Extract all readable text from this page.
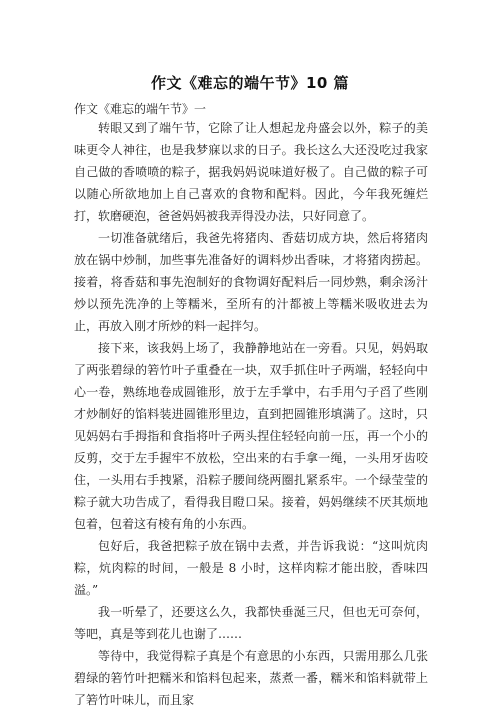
作文《难忘的端午节》10 篇
作文《难忘的端午节》一

转眼又到了端午节，它除了让人想起龙舟盛会以外，粽子的美味更令人神往，也是我梦寐以求的日子。我长这么大还没吃过我家自己做的香喷喷的粽子，据我妈妈说味道好极了。自己做的粽子可以随心所欲地加上自己喜欢的食物和配料。因此，今年我死缠烂打，软磨硬泡，爸爸妈妈被我弄得没办法，只好同意了。

一切准备就绪后，我爸先将猪肉、香菇切成方块，然后将猪肉放在锅中炒制，加些事先准备好的调料炒出香味，才将猪肉捞起。接着，将香菇和事先泡制好的食物调好配料后一同炒熟，剩余汤汁炒以预先洗净的上等糯米，至所有的汁都被上等糯米吸收进去为止，再放入刚才所炒的料一起拌匀。

接下来，该我妈上场了，我静静地站在一旁看。只见，妈妈取了两张碧绿的箬竹叶子重叠在一块，双手抓住叶子两端，轻轻向中心一卷，熟练地卷成圆锥形，放于左手掌中，右手用勺子舀了些刚才炒制好的馅料装进圆锥形里边，直到把圆锥形填满了。这时，只见妈妈右手拇指和食指将叶子两头捏住轻轻向前一压，再一个小的反剪，交于左手握牢不放松，空出来的右手拿一绳，一头用牙齿咬住，一头用右手拽紧，沿粽子腰间绕两圈扎紧系牢。一个绿莹莹的粽子就大功告成了，看得我目瞪口呆。接着，妈妈继续不厌其烦地包着，包着这有棱有角的小东西。

包好后，我爸把粽子放在锅中去煮，并告诉我说：“这叫炕肉粽，炕肉粽的时间，一般是 8 小时，这样肉粽才能出胶，香味四溢。”

我一听晕了，还要这么久，我都快垂涎三尺，但也无可奈何，等吧，真是等到花儿也谢了……

等待中，我觉得粽子真是个有意思的小东西，只需用那么几张碧绿的箬竹叶把糯米和馅料包起来，蒸煮一番，糯米和馅料就带上了箬竹叶味儿，而且家
